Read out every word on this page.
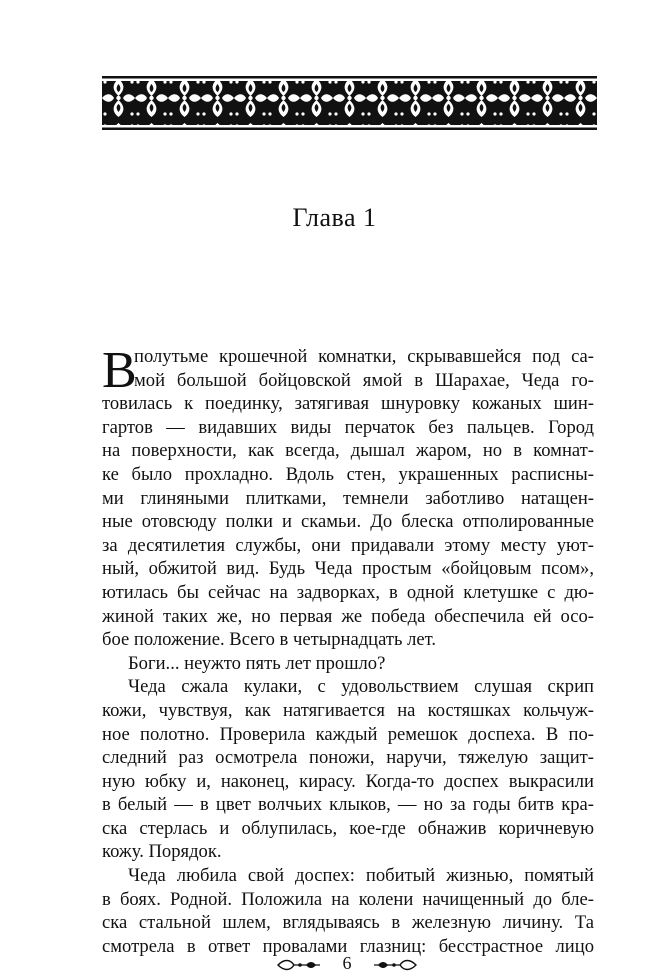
Глава 1
В
полутьме крошечной комнатки, скрывавшейся под са-
мой большой бойцовской ямой в Шарахае, Чеда го-
товилась к поединку, затягивая шнуровку кожаных шин-
гартов — видавших виды перчаток без пальцев. Город
на поверхности, как всегда, дышал жаром, но в комнат-
ке было прохладно. Вдоль стен, украшенных расписны-
ми глиняными плитками, темнели заботливо натащен-
ные отовсюду полки и скамьи. До блеска отполированные
за десятилетия службы, они придавали этому месту уют-
ный, обжитой вид. Будь Чеда простым «бойцовым псом»,
ютилась бы сейчас на задворках, в одной клетушке с дю-
жиной таких же, но первая же победа обеспечила ей осо-
бое положение. Всего в четырнадцать лет.
Боги... неужто пять лет прошло?
Чеда сжала кулаки, с удовольствием слушая скрип
кожи, чувствуя, как натягивается на костяшках кольчуж-
ное полотно. Проверила каждый ремешок доспеха. В по-
следний раз осмотрела поножи, наручи, тяжелую защит-
ную юбку и, наконец, кирасу. Когда-то доспех выкрасили
в белый — в цвет волчьих клыков, — но за годы битв кра-
ска стерлась и облупилась, кое-где обнажив коричневую
кожу. Порядок.
Чеда любила свой доспех: побитый жизнью, помятый
в боях. Родной. Положила на колени начищенный до бле-
ска стальной шлем, вглядываясь в железную личину. Та
смотрела в ответ провалами глазниц: бесстрастное лицо
6
